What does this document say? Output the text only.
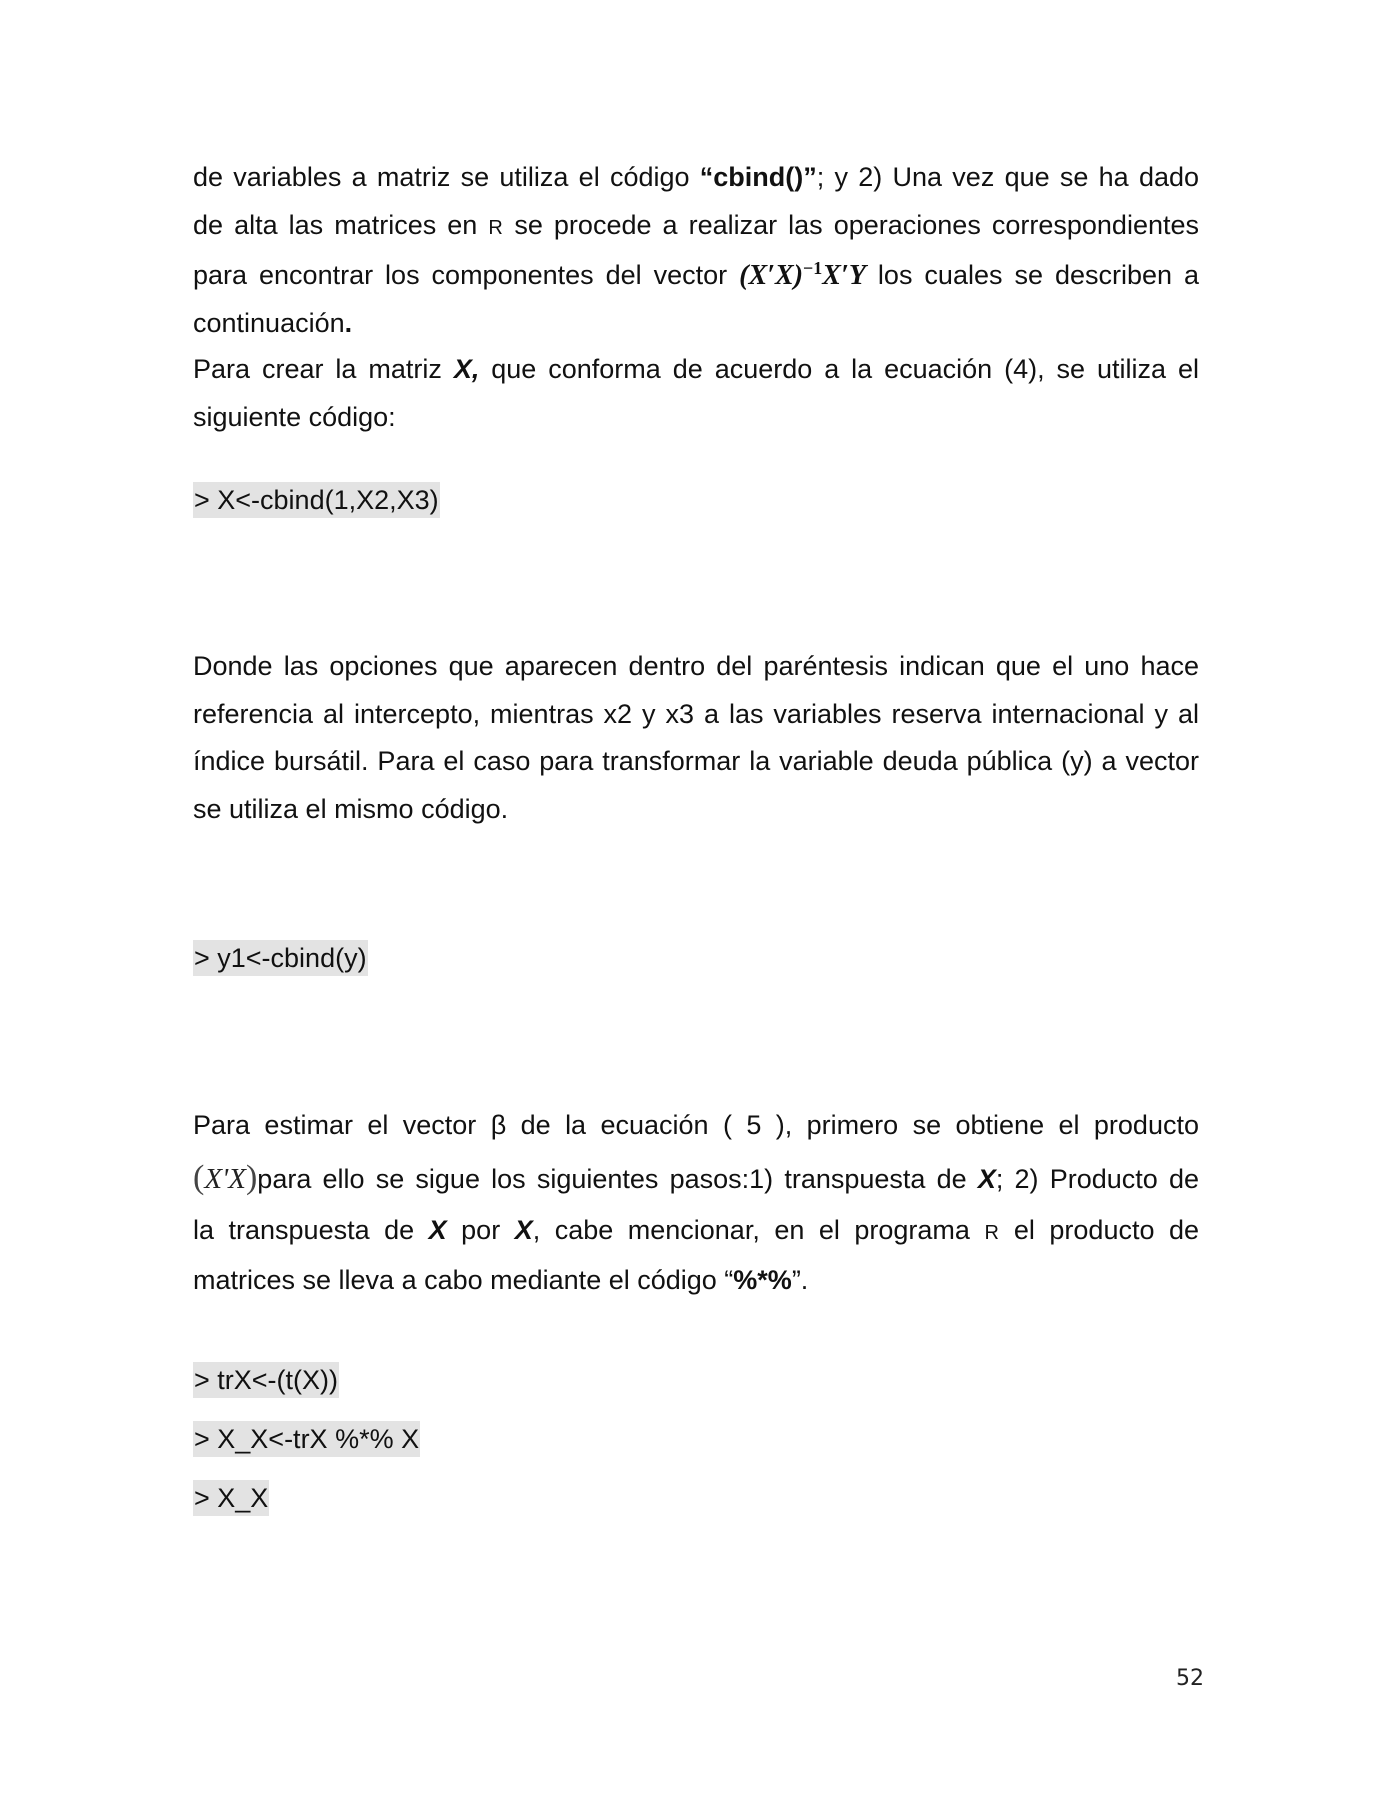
de variables a matriz se utiliza el código “cbind()”; y 2) Una vez que se ha dado
de alta las matrices en R se procede a realizar las operaciones correspondientes
para encontrar los componentes del vector $(X'X)^{-1}X'Y$ los cuales se describen a
continuación.
Para crear la matriz X, que conforma de acuerdo a la ecuación (4), se utiliza el
siguiente código:
> X<-cbind(1,X2,X3)
Donde las opciones que aparecen dentro del paréntesis indican que el uno hace
referencia al intercepto, mientras x2 y x3 a las variables reserva internacional y al
índice bursátil. Para el caso para transformar la variable deuda pública (y) a vector
se utiliza el mismo código.
> y1<-cbind(y)
Para estimar el vector β de la ecuación ( 5 ), primero se obtiene el producto
(X'X)para ello se sigue los siguientes pasos:1) transpuesta de X; 2) Producto de
la transpuesta de X por X, cabe mencionar, en el programa R el producto de
matrices se lleva a cabo mediante el código “%*%”.
> trX<-(t(X))
> X_X<-trX %*% X
> X_X
52
